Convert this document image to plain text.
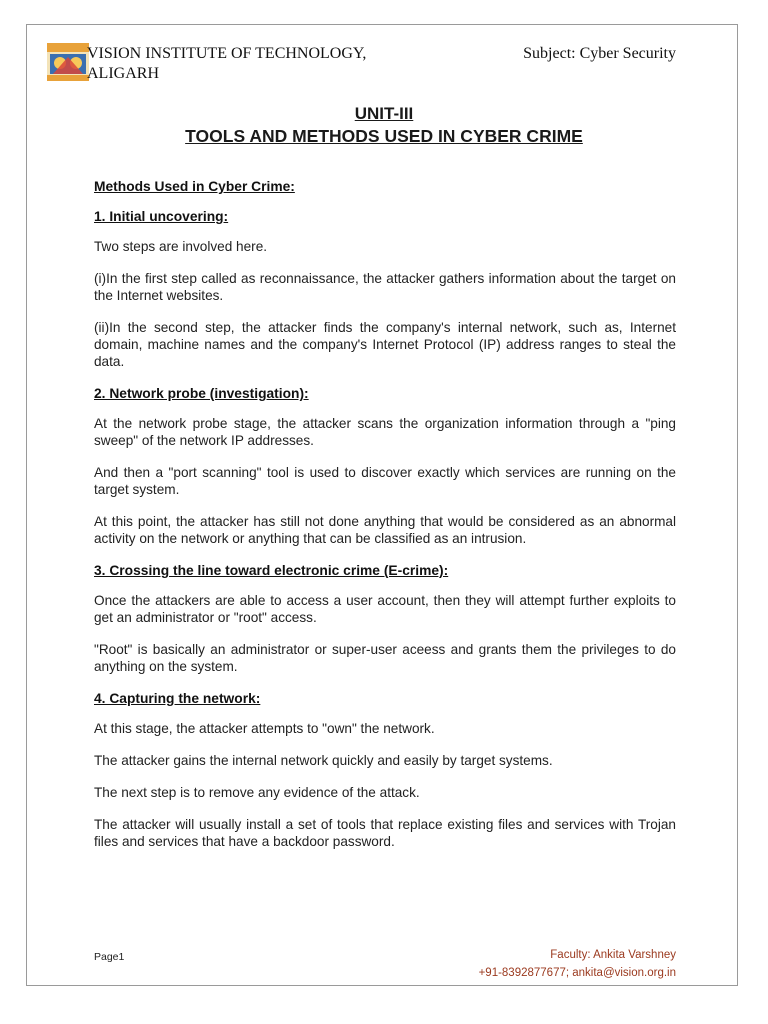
VISION INSTITUTE OF TECHNOLOGY,
ALIGARH
Subject: Cyber Security
UNIT-III
TOOLS AND METHODS USED IN CYBER CRIME
Methods Used in Cyber Crime:
1. Initial uncovering:

Two steps are involved here.

(i)In the first step called as reconnaissance, the attacker gathers information about the target on the Internet websites.

(ii)In the second step, the attacker finds the company's internal network, such as, Internet domain, machine names and the company's Internet Protocol (IP) address ranges to steal the data.

2. Network probe (investigation):

At the network probe stage, the attacker scans the organization information through a "ping sweep" of the network IP addresses.

And then a "port scanning" tool is used to discover exactly which services are running on the target system.

At this point, the attacker has still not done anything that would be considered as an abnormal activity on the network or anything that can be classified as an intrusion.

3. Crossing the line toward electronic crime (E-crime):

Once the attackers are able to access a user account, then they will attempt further exploits to get an administrator or "root" access.

"Root" is basically an administrator or super-user aceess and grants them the privileges to do anything on the system.

4. Capturing the network:

At this stage, the attacker attempts to "own" the network.

The attacker gains the internal network quickly and easily by target systems.

The next step is to remove any evidence of the attack.

The attacker will usually install a set of tools that replace existing files and services with Trojan files and services that have a backdoor password.

Page1	Faculty: Ankita Varshney
+91-8392877677; ankita@vision.org.in
